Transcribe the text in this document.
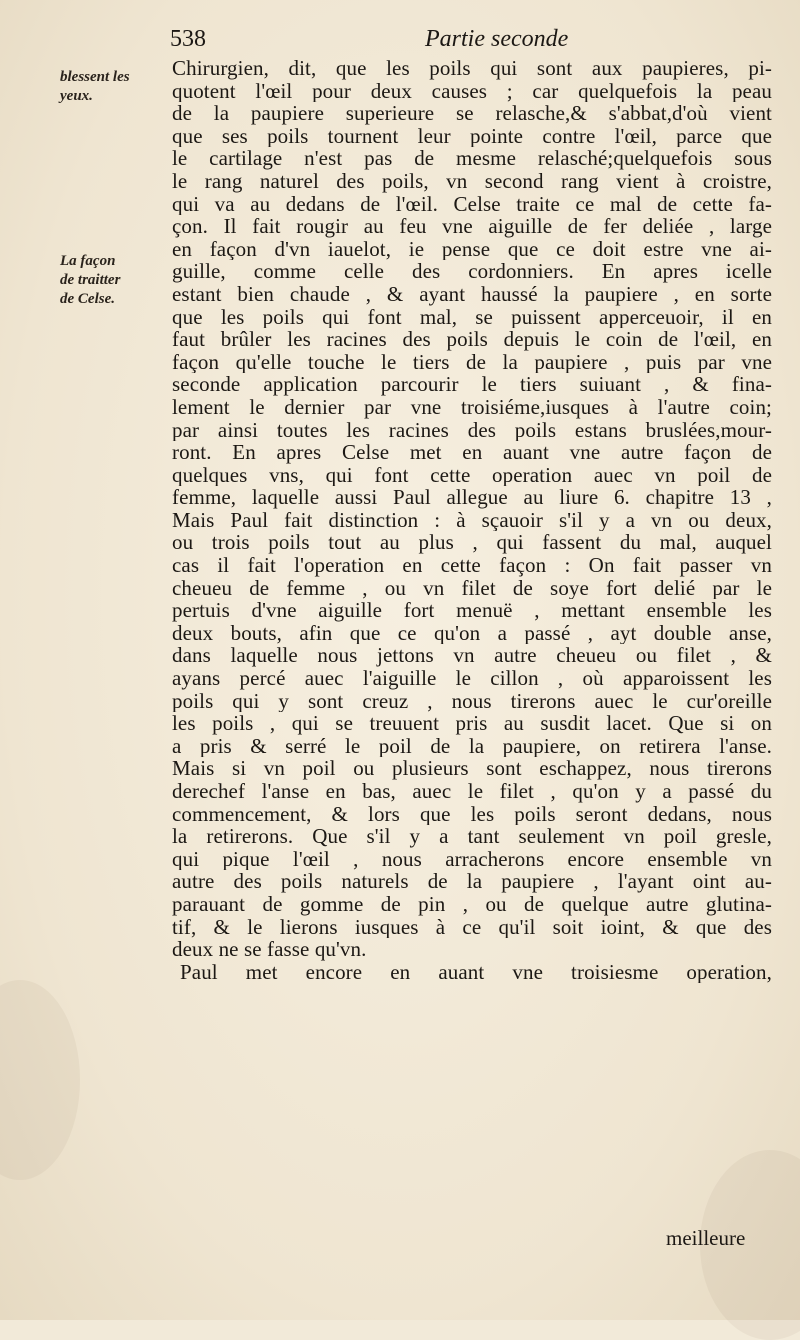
538	Partie seconde
blessent les
yeux.
La façon
de traitter
de Celse.
Chirurgien, dit, que les poils qui sont aux paupieres, pi-
quotent l'œil pour deux causes ; car quelquefois la peau
de la paupiere superieure se relasche,& s'abbat,d'où vient
que ses poils tournent leur pointe contre l'œil, parce que
le cartilage n'est pas de mesme relasché;quelquefois sous
le rang naturel des poils, vn second rang vient à croistre,
qui va au dedans de l'œil. Celse traite ce mal de cette fa-
çon. Il fait rougir au feu vne aiguille de fer deliée , large
en façon d'vn iauelot, ie pense que ce doit estre vne ai-
guille, comme celle des cordonniers. En apres icelle
estant bien chaude , & ayant haussé la paupiere , en sorte
que les poils qui font mal, se puissent apperceuoir, il en
faut brûler les racines des poils depuis le coin de l'œil, en
façon qu'elle touche le tiers de la paupiere , puis par vne
seconde application parcourir le tiers suiuant , & fina-
lement le dernier par vne troisiéme,iusques à l'autre coin;
par ainsi toutes les racines des poils estans bruslées,mour-
ront. En apres Celse met en auant vne autre façon de
quelques vns, qui font cette operation auec vn poil de
femme, laquelle aussi Paul allegue au liure 6. chapitre 13 ,
Mais Paul fait distinction : à sçauoir s'il y a vn ou deux,
ou trois poils tout au plus , qui fassent du mal, auquel
cas il fait l'operation en cette façon : On fait passer vn
cheueu de femme , ou vn filet de soye fort delié par le
pertuis d'vne aiguille fort menuë , mettant ensemble les
deux bouts, afin que ce qu'on a passé , ayt double anse,
dans laquelle nous jettons vn autre cheueu ou filet , &
ayans percé auec l'aiguille le cillon , où apparoissent les
poils qui y sont creuz , nous tirerons auec le cur'oreille
les poils , qui se treuuent pris au susdit lacet. Que si on
a pris & serré le poil de la paupiere, on retirera l'anse.
Mais si vn poil ou plusieurs sont eschappez, nous tirerons
derechef l'anse en bas, auec le filet , qu'on y a passé du
commencement, & lors que les poils seront dedans, nous
la retirerons. Que s'il y a tant seulement vn poil gresle,
qui pique l'œil , nous arracherons encore ensemble vn
autre des poils naturels de la paupiere , l'ayant oint au-
parauant de gomme de pin , ou de quelque autre glutina-
tif, & le lierons iusques à ce qu'il soit ioint, & que des
deux ne se fasse qu'vn.
Paul met encore en auant vne troisiesme operation,
meilleure
